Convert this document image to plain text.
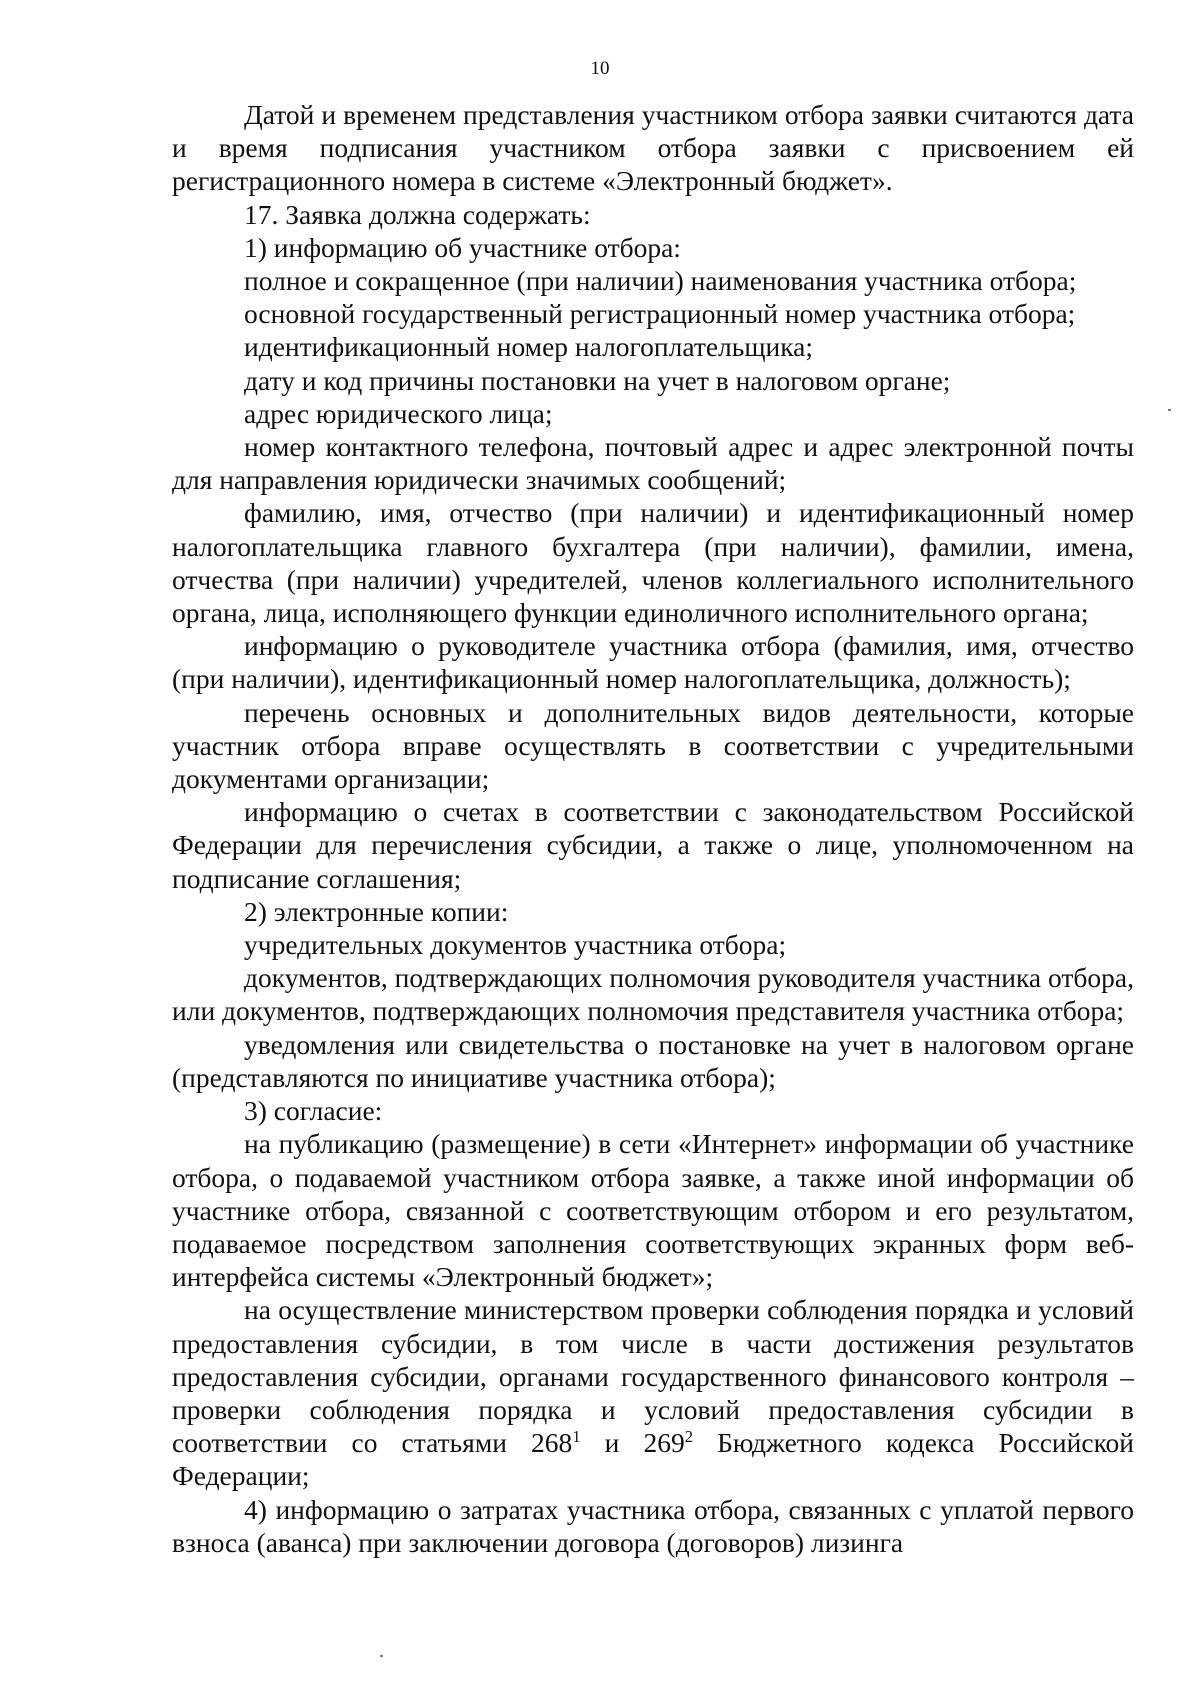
10

Датой и временем представления участником отбора заявки считаются дата и время подписания участником отбора заявки с присвоением ей регистрационного номера в системе «Электронный бюджет».

17. Заявка должна содержать:

1) информацию об участнике отбора:

полное и сокращенное (при наличии) наименования участника отбора;

основной государственный регистрационный номер участника отбора;

идентификационный номер налогоплательщика;

дату и код причины постановки на учет в налоговом органе;

адрес юридического лица;

номер контактного телефона, почтовый адрес и адрес электронной почты для направления юридически значимых сообщений;

фамилию, имя, отчество (при наличии) и идентификационный номер налогоплательщика главного бухгалтера (при наличии), фамилии, имена, отчества (при наличии) учредителей, членов коллегиального исполнительного органа, лица, исполняющего функции единоличного исполнительного органа;

информацию о руководителе участника отбора (фамилия, имя, отчество (при наличии), идентификационный номер налогоплательщика, должность);

перечень основных и дополнительных видов деятельности, которые участник отбора вправе осуществлять в соответствии с учредительными документами организации;

информацию о счетах в соответствии с законодательством Российской Федерации для перечисления субсидии, а также о лице, уполномоченном на подписание соглашения;

2) электронные копии:

учредительных документов участника отбора;

документов, подтверждающих полномочия руководителя участника отбора, или документов, подтверждающих полномочия представителя участника отбора;

уведомления или свидетельства о постановке на учет в налоговом органе (представляются по инициативе участника отбора);

3) согласие:

на публикацию (размещение) в сети «Интернет» информации об участнике отбора, о подаваемой участником отбора заявке, а также иной информации об участнике отбора, связанной с соответствующим отбором и его результатом, подаваемое посредством заполнения соответствующих экранных форм веб-интерфейса системы «Электронный бюджет»;

на осуществление министерством проверки соблюдения порядка и условий предоставления субсидии, в том числе в части достижения результатов предоставления субсидии, органами государственного финансового контроля – проверки соблюдения порядка и условий предоставления субсидии в соответствии со статьями $268^1$ и $269^2$ Бюджетного кодекса Российской Федерации;

4) информацию о затратах участника отбора, связанных с уплатой первого взноса (аванса) при заключении договора (договоров) лизинга
